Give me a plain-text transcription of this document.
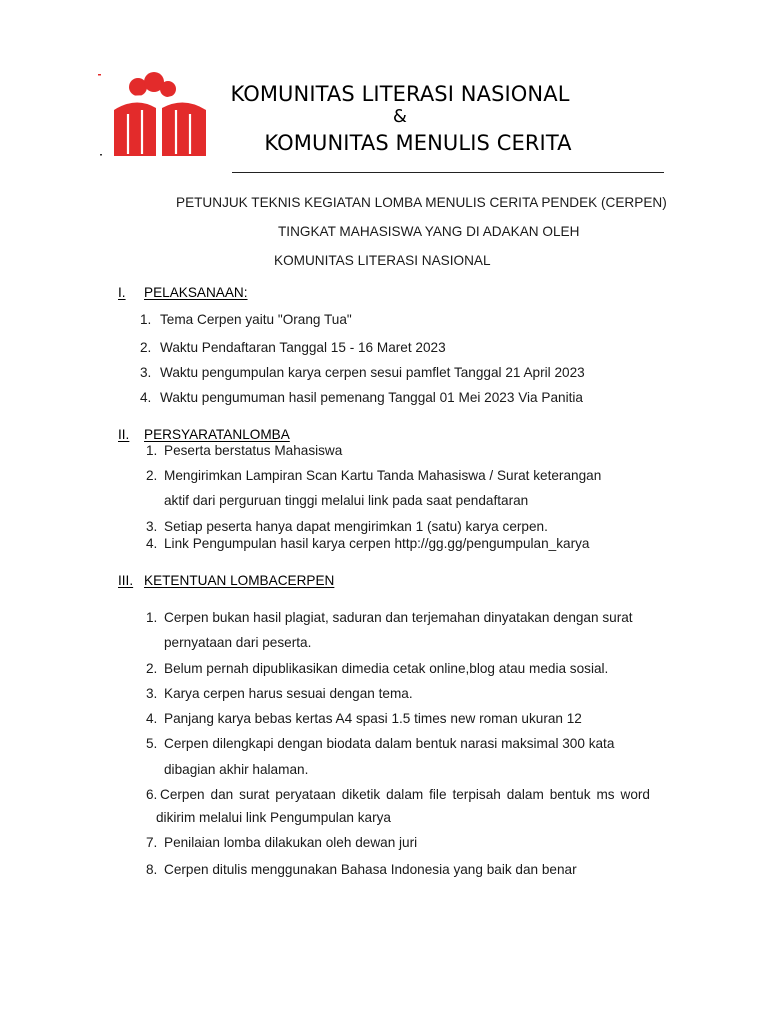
KOMUNITAS LITERASI NASIONAL
&
KOMUNITAS MENULIS CERITA
PETUNJUK TEKNIS KEGIATAN LOMBA MENULIS CERITA PENDEK (CERPEN)
TINGKAT MAHASISWA YANG DI ADAKAN OLEH
KOMUNITAS LITERASI NASIONAL
I. PELAKSANAAN:
1. Tema Cerpen yaitu "Orang Tua"
2. Waktu Pendaftaran Tanggal 15 - 16 Maret 2023
3. Waktu pengumpulan karya cerpen sesui pamflet Tanggal 21 April 2023
4. Waktu pengumuman hasil pemenang Tanggal 01 Mei 2023 Via Panitia
II. PERSYARATANLOMBA
1. Peserta berstatus Mahasiswa
2. Mengirimkan Lampiran Scan Kartu Tanda Mahasiswa / Surat keterangan
aktif dari perguruan tinggi melalui link pada saat pendaftaran
3. Setiap peserta hanya dapat mengirimkan 1 (satu) karya cerpen.
4. Link Pengumpulan hasil karya cerpen http://gg.gg/pengumpulan_karya
III. KETENTUAN LOMBACERPEN
1. Cerpen bukan hasil plagiat, saduran dan terjemahan dinyatakan dengan surat
pernyataan dari peserta.
2. Belum pernah dipublikasikan dimedia cetak online,blog atau media sosial.
3. Karya cerpen harus sesuai dengan tema.
4. Panjang karya bebas kertas A4 spasi 1.5 times new roman ukuran 12
5. Cerpen dilengkapi dengan biodata dalam bentuk narasi maksimal 300 kata
dibagian akhir halaman.
6. Cerpen dan surat peryataan diketik dalam file terpisah dalam bentuk ms word
dikirim melalui link Pengumpulan karya
7. Penilaian lomba dilakukan oleh dewan juri
8. Cerpen ditulis menggunakan Bahasa Indonesia yang baik dan benar
